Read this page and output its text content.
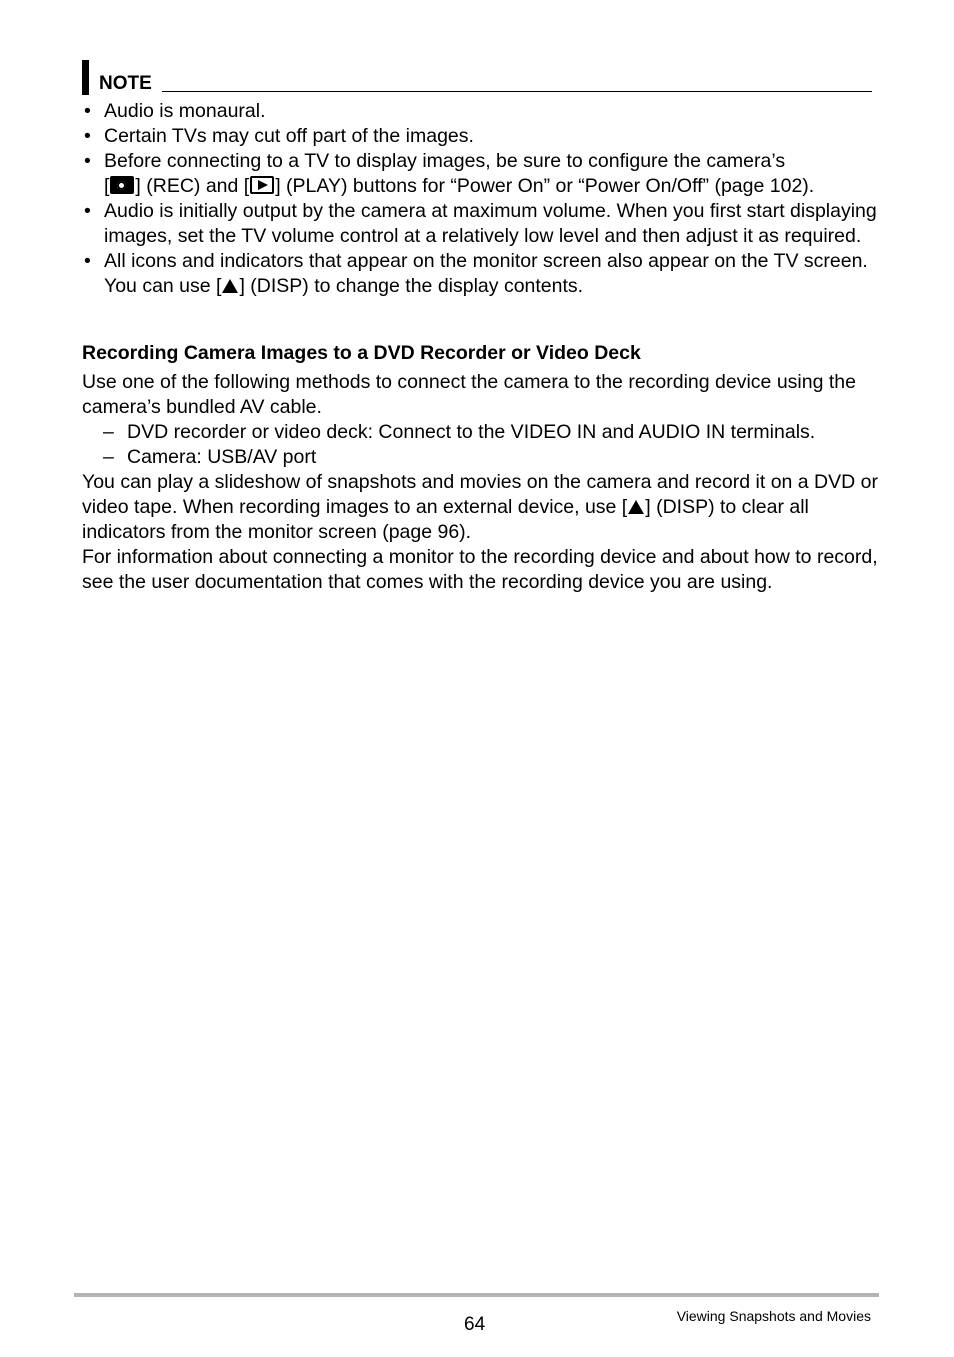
NOTE
• Audio is monaural.
• Certain TVs may cut off part of the images.
• Before connecting to a TV to display images, be sure to configure the camera’s
[ ] (REC) and [ ] (PLAY) buttons for “Power On” or “Power On/Off” (page 102).
• Audio is initially output by the camera at maximum volume. When you first start displaying images, set the TV volume control at a relatively low level and then adjust it as required.
• All icons and indicators that appear on the monitor screen also appear on the TV screen. You can use [ ] (DISP) to change the display contents.
Recording Camera Images to a DVD Recorder or Video Deck

Use one of the following methods to connect the camera to the recording device using the camera’s bundled AV cable.

– DVD recorder or video deck: Connect to the VIDEO IN and AUDIO IN terminals.
– Camera: USB/AV port

You can play a slideshow of snapshots and movies on the camera and record it on a DVD or video tape. When recording images to an external device, use [ ] (DISP) to clear all indicators from the monitor screen (page 96).

For information about connecting a monitor to the recording device and about how to record, see the user documentation that comes with the recording device you are using.

64	Viewing Snapshots and Movies
